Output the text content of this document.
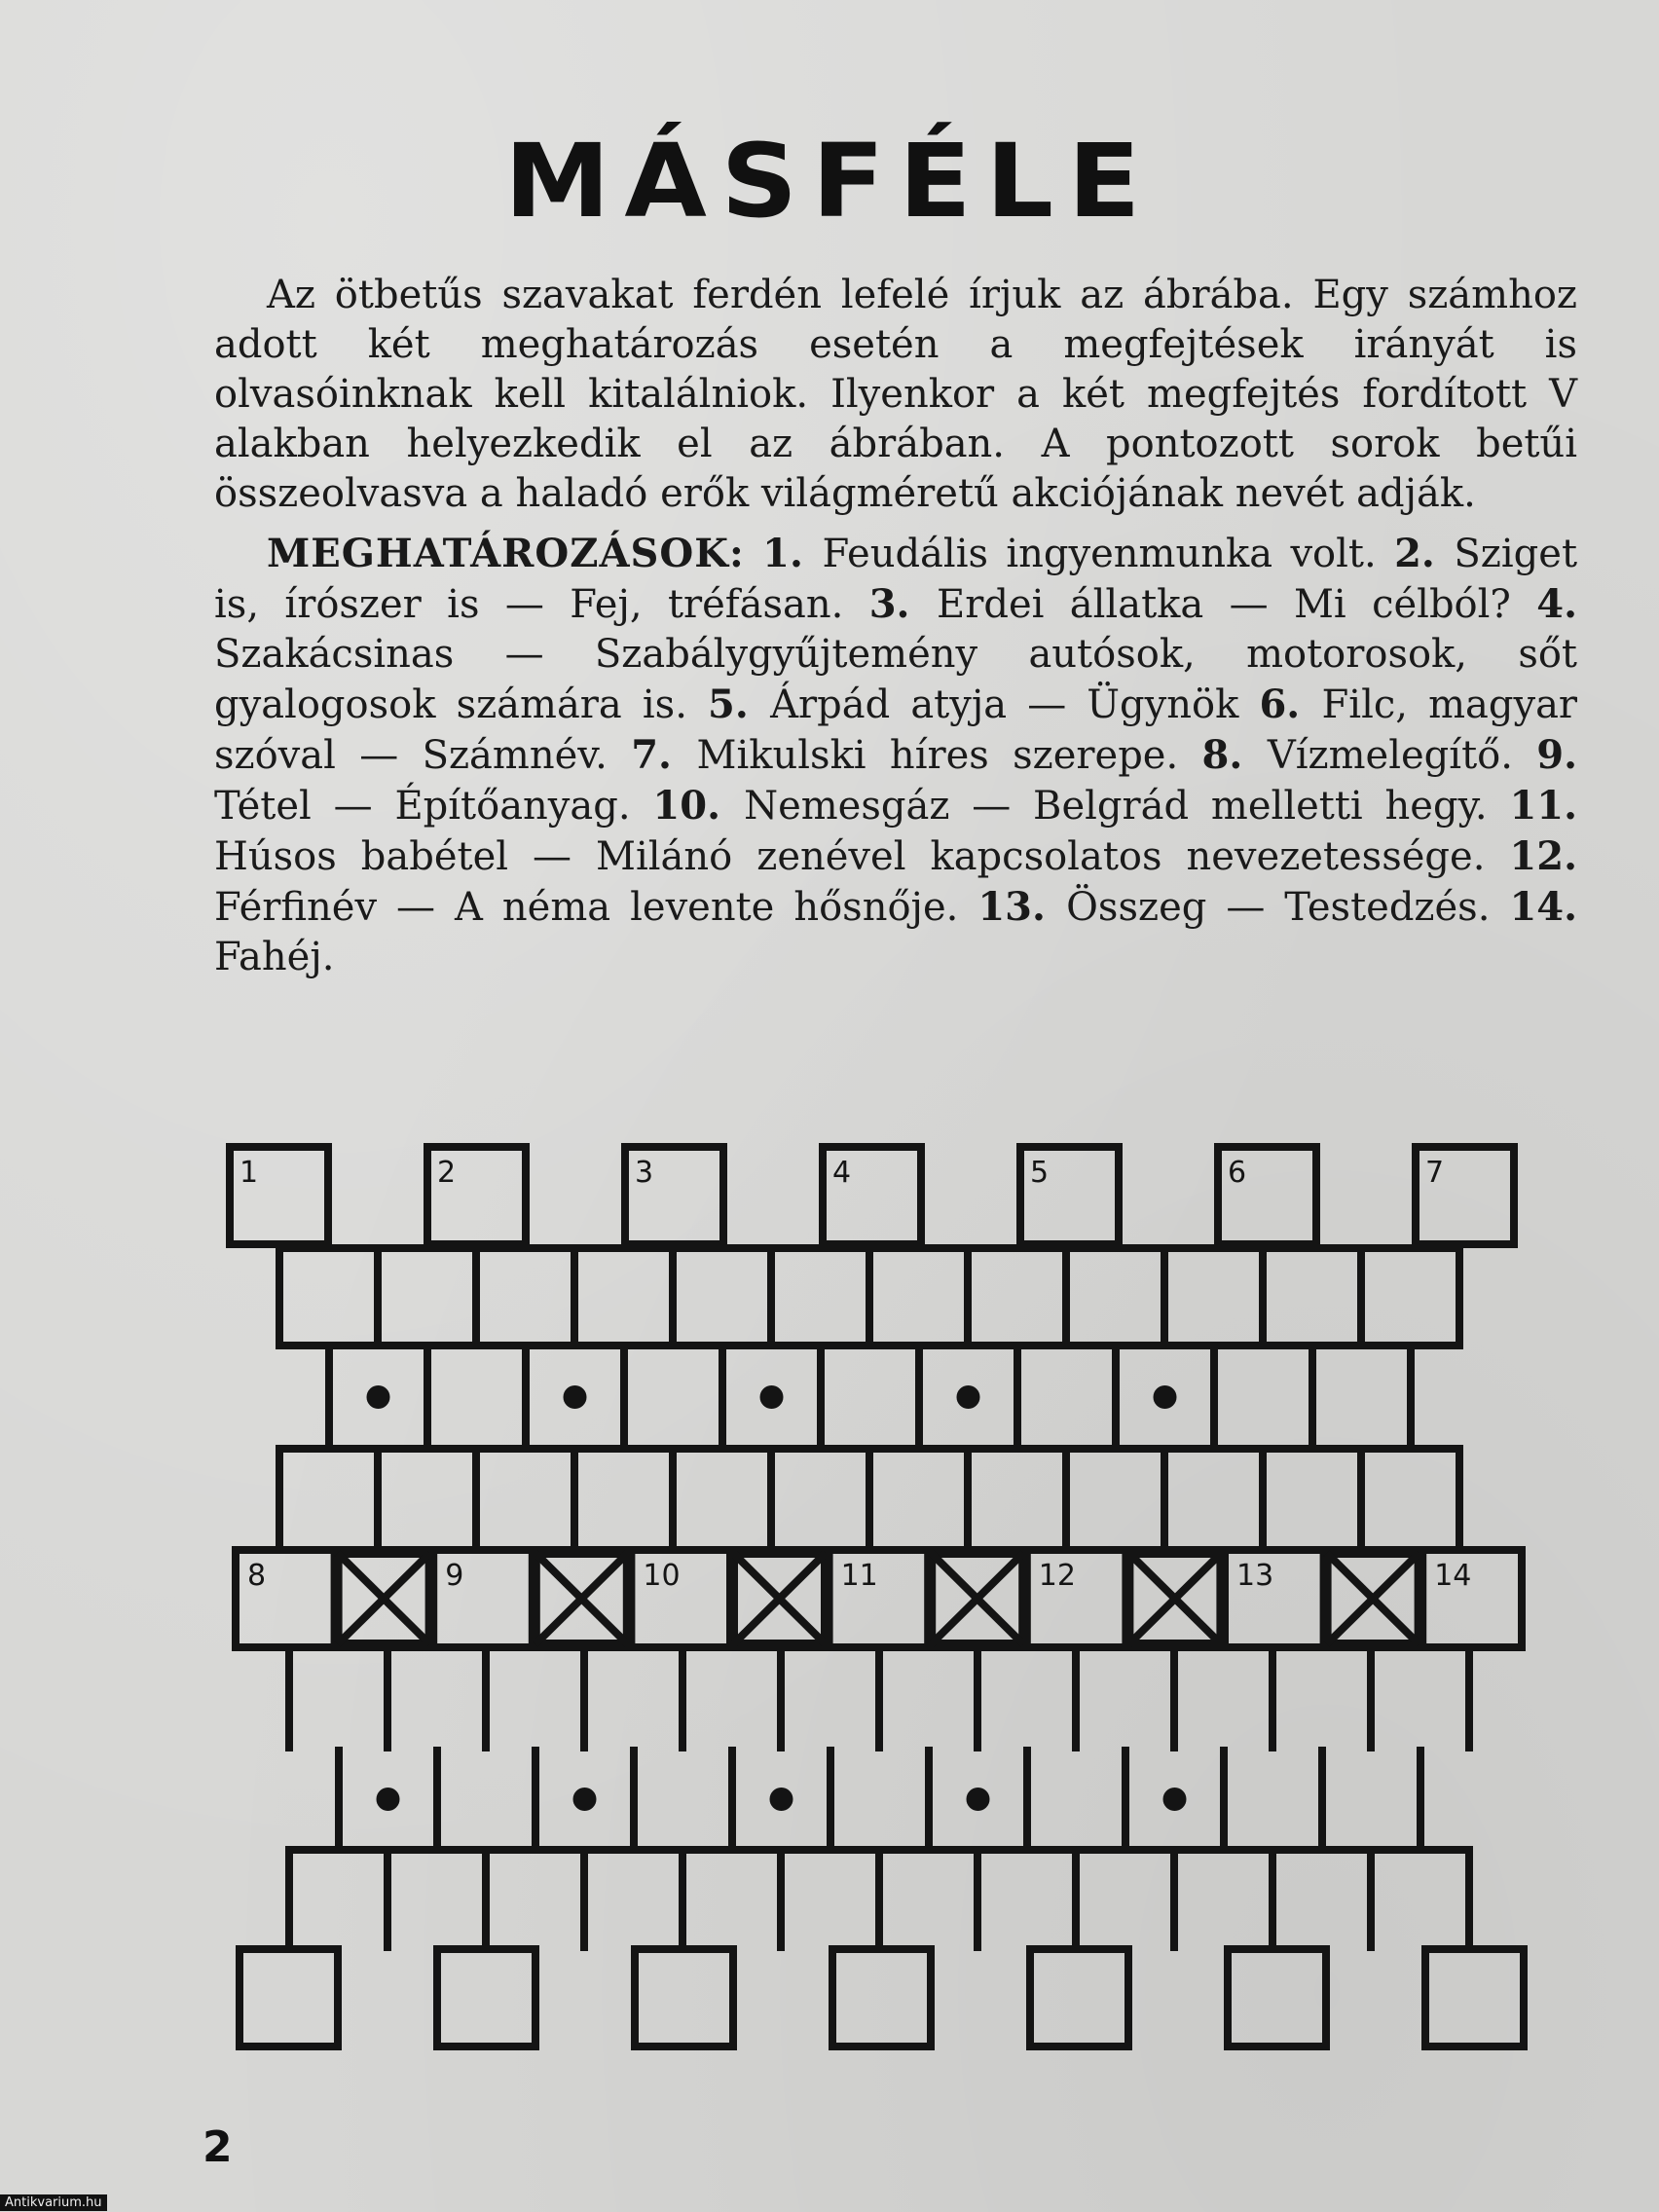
MÁSFÉLE

Az ötbetűs szavakat ferdén lefelé írjuk az ábrába. Egy számhoz adott két meghatározás esetén a megfejtések irányát is olvasóinknak kell kitalálniok. Ilyenkor a két megfejtés fordított V alakban helyezkedik el az ábrában. A pontozott sorok betűi összeolvasva a haladó erők világméretű akciójának nevét adják.

MEGHATÁROZÁSOK: 1. Feudális ingyenmunka volt. 2. Sziget is, írószer is — Fej, tréfásan. 3. Erdei állatka — Mi célból? 4. Szakácsinas — Szabálygyűjtemény autósok, motorosok, sőt gyalogosok számára is. 5. Árpád atyja — Ügynök 6. Filc, magyar szóval — Számnév. 7. Mikulski híres szerepe. 8. Vízmelegítő. 9. Tétel — Építőanyag. 10. Nemesgáz — Belgrád melletti hegy. 11. Húsos babétel — Milánó zenével kapcsolatos nevezetessége. 12. Férfinév — A néma levente hősnője. 13. Összeg — Testedzés. 14. Fahéj.

1	2	3	4	5	6	7
8	9	10	11	12	13	14
2
Antikvarium.hu
